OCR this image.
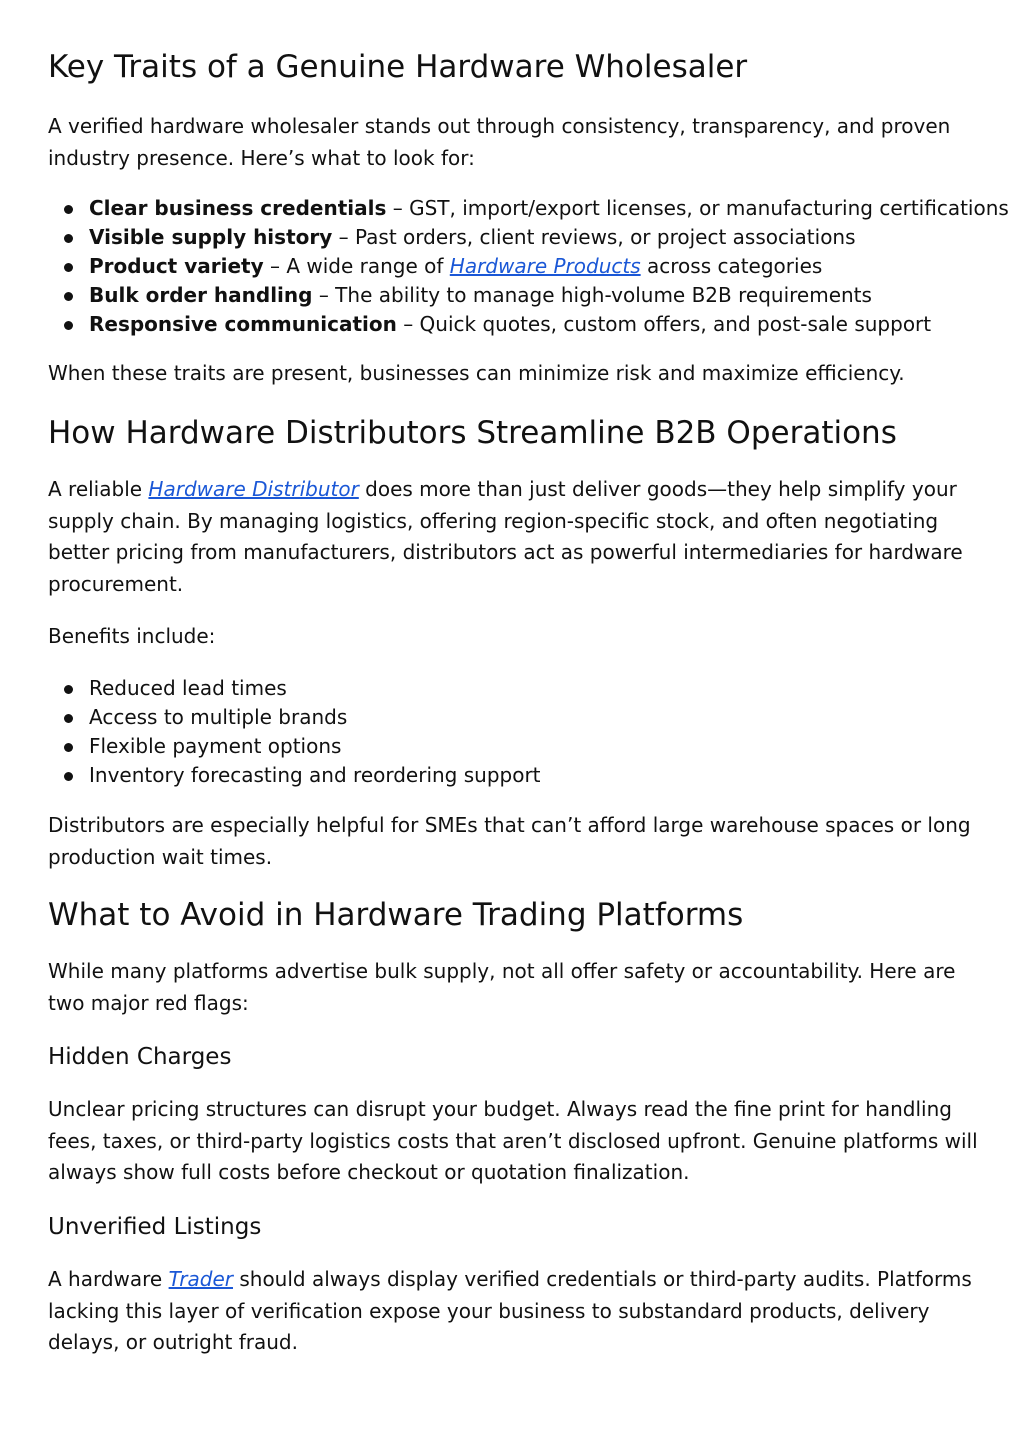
Key Traits of a Genuine Hardware Wholesaler

A verified hardware wholesaler stands out through consistency, transparency, and proven industry presence. Here’s what to look for:

Clear business credentials – GST, import/export licenses, or manufacturing certifications
Visible supply history – Past orders, client reviews, or project associations
Product variety – A wide range of Hardware Products across categories
Bulk order handling – The ability to manage high-volume B2B requirements
Responsive communication – Quick quotes, custom offers, and post-sale support

When these traits are present, businesses can minimize risk and maximize efficiency.

How Hardware Distributors Streamline B2B Operations

A reliable Hardware Distributor does more than just deliver goods—they help simplify your supply chain. By managing logistics, offering region-specific stock, and often negotiating better pricing from manufacturers, distributors act as powerful intermediaries for hardware procurement.

Benefits include:

Reduced lead times
Access to multiple brands
Flexible payment options
Inventory forecasting and reordering support

Distributors are especially helpful for SMEs that can’t afford large warehouse spaces or long production wait times.

What to Avoid in Hardware Trading Platforms

While many platforms advertise bulk supply, not all offer safety or accountability. Here are two major red flags:

Hidden Charges

Unclear pricing structures can disrupt your budget. Always read the fine print for handling fees, taxes, or third-party logistics costs that aren’t disclosed upfront. Genuine platforms will always show full costs before checkout or quotation finalization.

Unverified Listings

A hardware Trader should always display verified credentials or third-party audits. Platforms lacking this layer of verification expose your business to substandard products, delivery delays, or outright fraud.
